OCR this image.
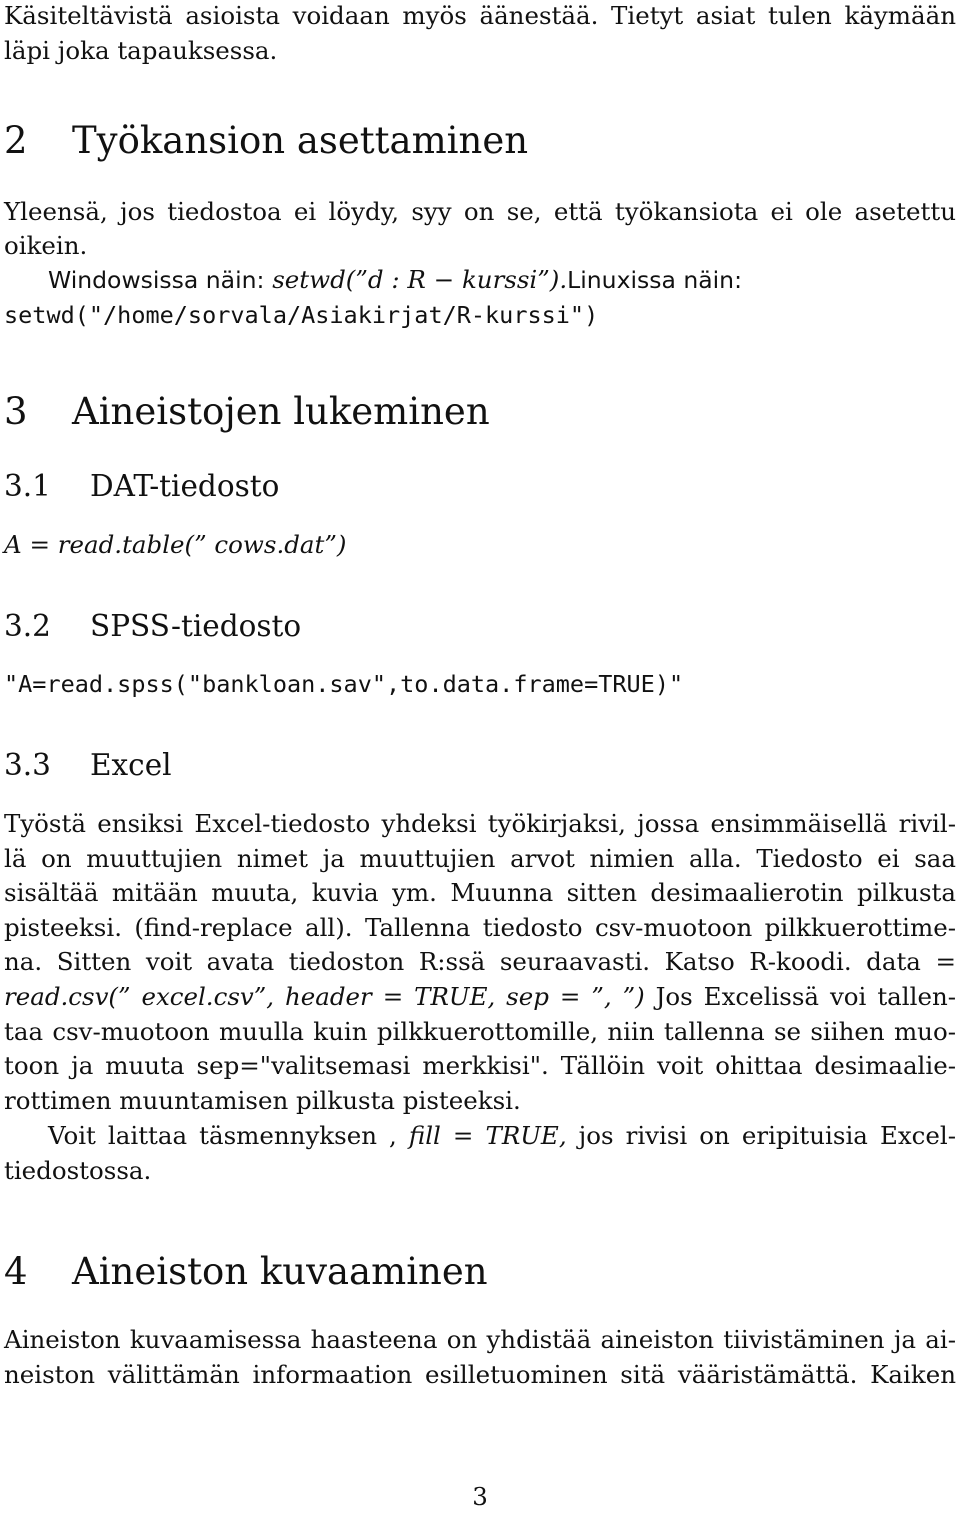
Käsiteltävistä asioista voidaan myös äänestää. Tietyt asiat tulen käymään
läpi joka tapauksessa.
2 Työkansion asettaminen
Yleensä, jos tiedostoa ei löydy, syy on se, että työkansiota ei ole asetettu
oikein.
Windowsissa näin: setwd(”d : R − kurssi”).Linuxissa näin:
setwd("/home/sorvala/Asiakirjat/R-kurssi")
3 Aineistojen lukeminen
3.1 DAT-tiedosto
A = read.table(” cows.dat”)
3.2 SPSS-tiedosto
"A=read.spss("bankloan.sav",to.data.frame=TRUE)"
3.3 Excel
Työstä ensiksi Excel-tiedosto yhdeksi työkirjaksi, jossa ensimmäisellä rivil-
lä on muuttujien nimet ja muuttujien arvot nimien alla. Tiedosto ei saa
sisältää mitään muuta, kuvia ym. Muunna sitten desimaalierotin pilkusta
pisteeksi. (find-replace all). Tallenna tiedosto csv-muotoon pilkkuerottime-
na. Sitten voit avata tiedoston R:ssä seuraavasti. Katso R-koodi. data =
read.csv(” excel.csv”, header = TRUE, sep = ”, ”) Jos Excelissä voi tallen-
taa csv-muotoon muulla kuin pilkkuerottomille, niin tallenna se siihen muo-
toon ja muuta sep="valitsemasi merkkisi". Tällöin voit ohittaa desimaalie-
rottimen muuntamisen pilkusta pisteeksi.
Voit laittaa täsmennyksen , fill = TRUE, jos rivisi on eripituisia Excel-
tiedostossa.
4 Aineiston kuvaaminen
Aineiston kuvaamisessa haasteena on yhdistää aineiston tiivistäminen ja ai-
neiston välittämän informaation esilletuominen sitä vääristämättä. Kaiken
3
